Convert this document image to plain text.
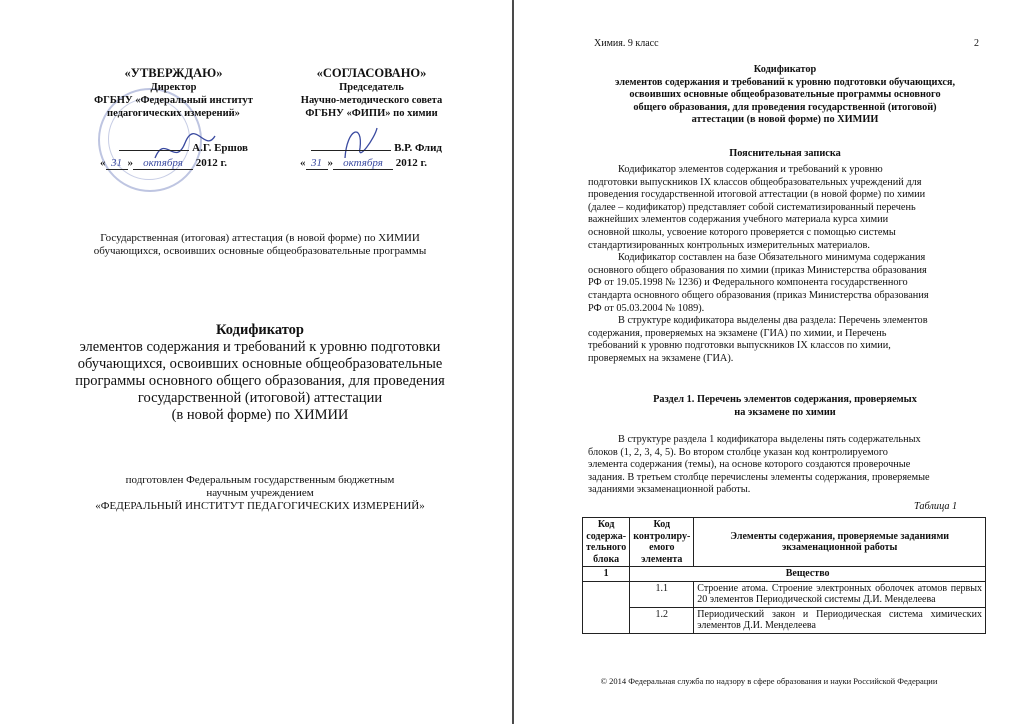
«УТВЕРЖДАЮ»
Директор
ФГБНУ «Федеральный институт
педагогических измерений»
А.Г. Ершов
« 31 » октября 2012 г.
«СОГЛАСОВАНО»
Председатель
Научно-методического совета
ФГБНУ «ФИПИ» по химии
В.Р. Флид
« 31 » октября 2012 г.
Государственная (итоговая) аттестация (в новой форме) по ХИМИИ
обучающихся, освоивших основные общеобразовательные программы
Кодификатор
элементов содержания и требований к уровню подготовки
обучающихся, освоивших основные общеобразовательные
программы основного общего образования, для проведения
государственной (итоговой) аттестации
(в новой форме) по ХИМИИ
подготовлен Федеральным государственным бюджетным
научным учреждением
«ФЕДЕРАЛЬНЫЙ ИНСТИТУТ ПЕДАГОГИЧЕСКИХ ИЗМЕРЕНИЙ»
Химия. 9 класс	2
Кодификатор
элементов содержания и требований к уровню подготовки обучающихся,
освоивших основные общеобразовательные программы основного
общего образования, для проведения государственной (итоговой)
аттестации (в новой форме) по ХИМИИ
Пояснительная записка
Кодификатор элементов содержания и требований к уровню
подготовки выпускников IX классов общеобразовательных учреждений для
проведения государственной итоговой аттестации (в новой форме) по химии
(далее – кодификатор) представляет собой систематизированный перечень
важнейших элементов содержания учебного материала курса химии
основной школы, усвоение которого проверяется с помощью системы
стандартизированных контрольных измерительных материалов.
Кодификатор составлен на базе Обязательного минимума содержания
основного общего образования по химии (приказ Министерства образования
РФ от 19.05.1998 № 1236) и Федерального компонента государственного
стандарта основного общего образования (приказ Министерства образования
РФ от 05.03.2004 № 1089).
В структуре кодификатора выделены два раздела: Перечень элементов
содержания, проверяемых на экзамене (ГИА) по химии, и Перечень
требований к уровню подготовки выпускников IX классов по химии,
проверяемых на экзамене (ГИА).
Раздел 1. Перечень элементов содержания, проверяемых
на экзамене по химии
В структуре раздела 1 кодификатора выделены пять содержательных
блоков (1, 2, 3, 4, 5). Во втором столбце указан код контролируемого
элемента содержания (темы), на основе которого создаются проверочные
задания. В третьем столбце перечислены элементы содержания, проверяемые
заданиями экзаменационной работы.
Таблица 1
Код содержа-тельного блока	Код контролиру-емого элемента	Элементы содержания, проверяемые заданиями экзаменационной работы
1	Вещество	
	1.1	Строение атома. Строение электронных оболочек атомов первых 20 элементов Периодической системы Д.И. Менделеева
	1.2	Периодический закон и Периодическая система химических элементов Д.И. Менделеева
© 2014 Федеральная служба по надзору в сфере образования и науки Российской Федерации
